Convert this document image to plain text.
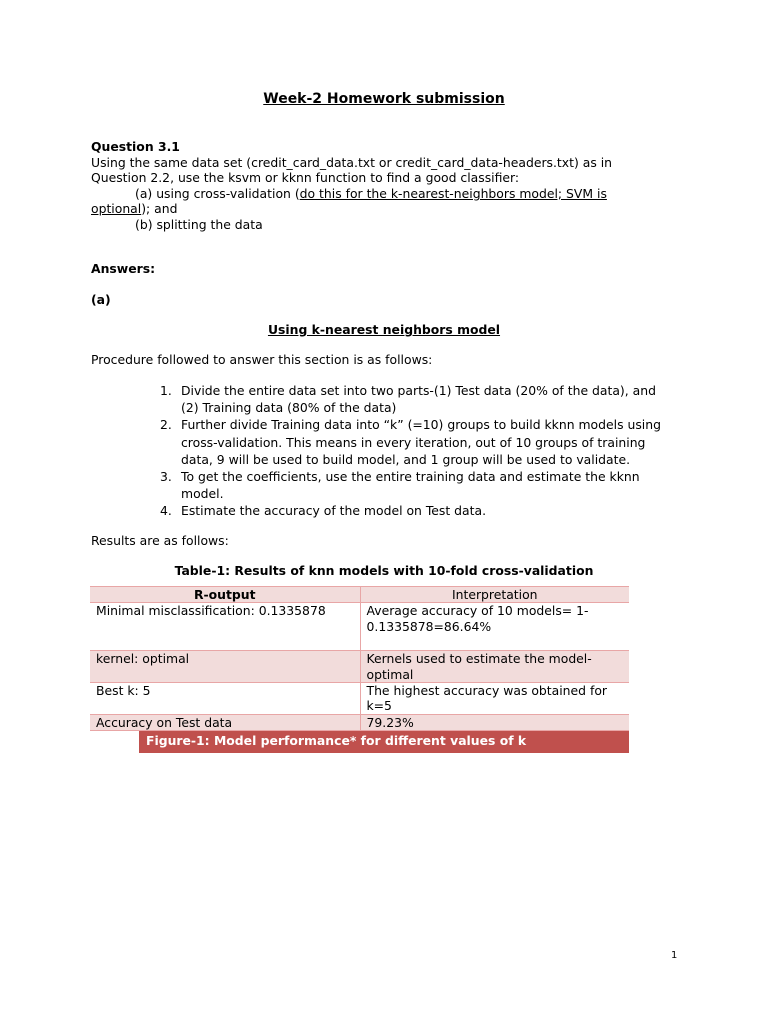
Week-2 Homework submission
Question 3.1
Using the same data set (credit_card_data.txt or credit_card_data-headers.txt) as in
Question 2.2, use the ksvm or kknn function to find a good classifier:
(a) using cross-validation (do this for the k-nearest-neighbors model; SVM is
optional); and
(b) splitting the data
Answers:
(a)
Using k-nearest neighbors model
Procedure followed to answer this section is as follows:
1. Divide the entire data set into two parts-(1) Test data (20% of the data), and
(2) Training data (80% of the data)
2. Further divide Training data into “k” (=10) groups to build kknn models using
cross-validation. This means in every iteration, out of 10 groups of training
data, 9 will be used to build model, and 1 group will be used to validate.
3. To get the coefficients, use the entire training data and estimate the kknn
model.
4. Estimate the accuracy of the model on Test data.
Results are as follows:
Table-1: Results of knn models with 10-fold cross-validation
R-output	Interpretation
Minimal misclassification: 0.1335878	Average accuracy of 10 models= 1-
0.1335878=86.64%

kernel: optimal	Kernels used to estimate the model-
optimal

Best k: 5	The highest accuracy was obtained for
k=5

Accuracy on Test data	79.23%
Figure-1: Model performance* for different values of k
1
